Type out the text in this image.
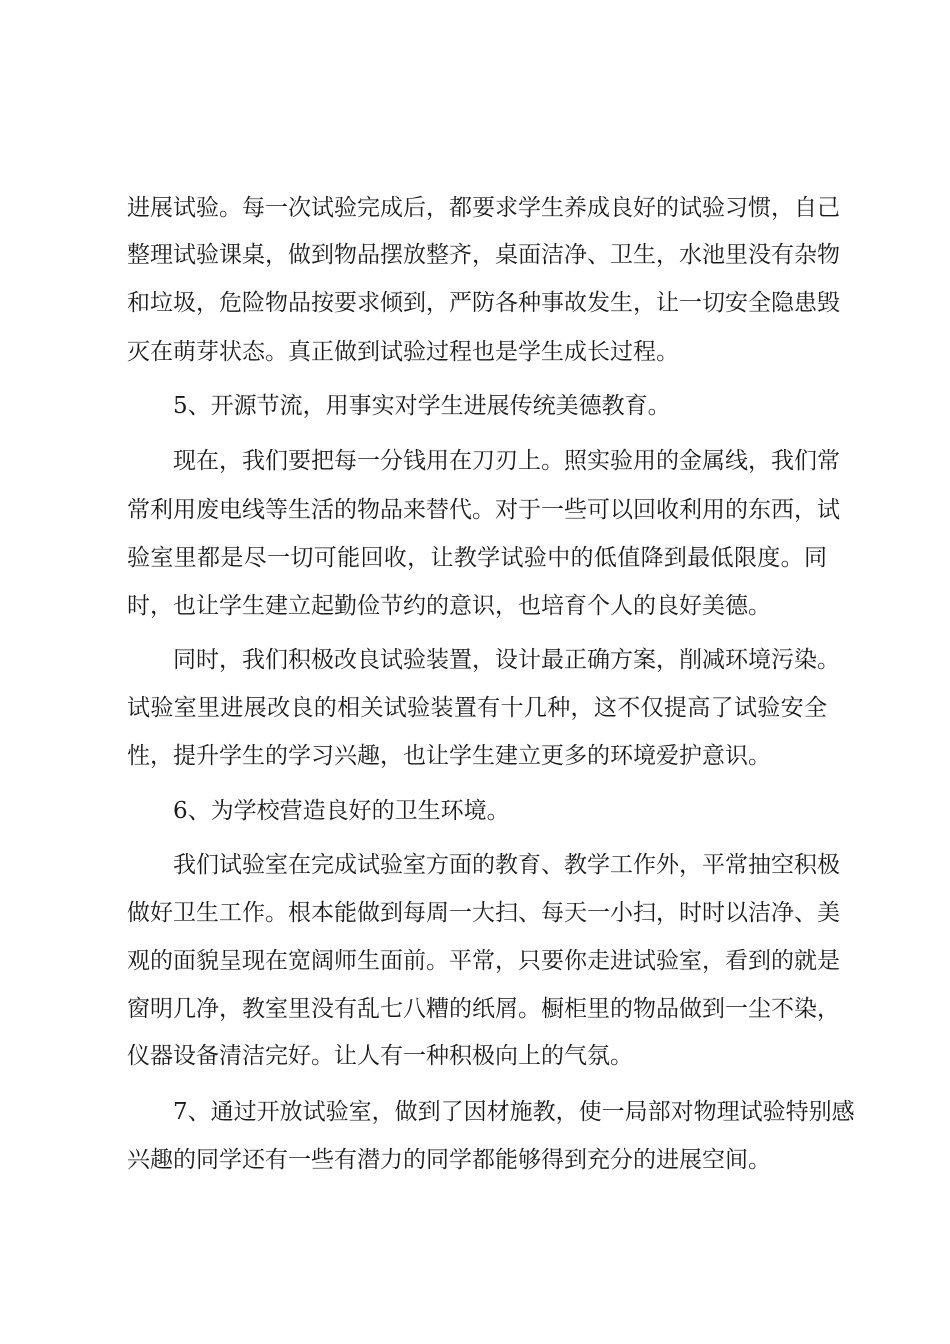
进展试验。每一次试验完成后，都要求学生养成良好的试验习惯，自己
整理试验课桌，做到物品摆放整齐，桌面洁净、卫生，水池里没有杂物
和垃圾，危险物品按要求倾到，严防各种事故发生，让一切安全隐患毁
灭在萌芽状态。真正做到试验过程也是学生成长过程。
5、开源节流，用事实对学生进展传统美德教育。
现在，我们要把每一分钱用在刀刃上。照实验用的金属线，我们常
常利用废电线等生活的物品来替代。对于一些可以回收利用的东西，试
验室里都是尽一切可能回收，让教学试验中的低值降到最低限度。同
时，也让学生建立起勤俭节约的意识，也培育个人的良好美德。
同时，我们积极改良试验装置，设计最正确方案，削减环境污染。
试验室里进展改良的相关试验装置有十几种，这不仅提高了试验安全
性，提升学生的学习兴趣，也让学生建立更多的环境爱护意识。
6、为学校营造良好的卫生环境。
我们试验室在完成试验室方面的教育、教学工作外，平常抽空积极
做好卫生工作。根本能做到每周一大扫、每天一小扫，时时以洁净、美
观的面貌呈现在宽阔师生面前。平常，只要你走进试验室，看到的就是
窗明几净，教室里没有乱七八糟的纸屑。橱柜里的物品做到一尘不染，
仪器设备清洁完好。让人有一种积极向上的气氛。
7、通过开放试验室，做到了因材施教，使一局部对物理试验特别感
兴趣的同学还有一些有潜力的同学都能够得到充分的进展空间。
